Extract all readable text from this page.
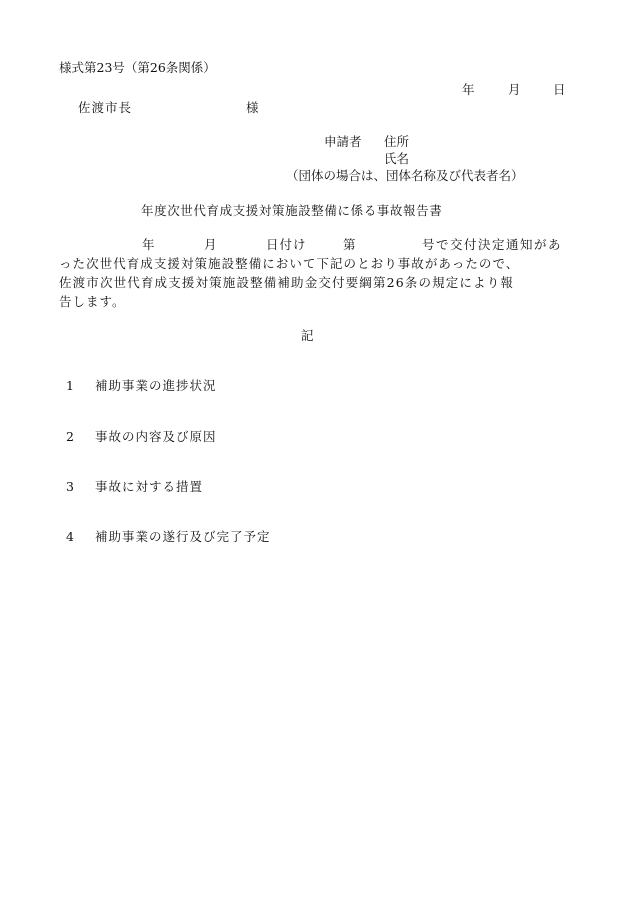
様式第23号（第26条関係）
年	月	日
佐渡市長	様
申請者 住所
氏名
（団体の場合は、団体名称及び代表者名）
年度次世代育成支援対策施設整備に係る事故報告書
年	月	日付け	第	号で交付決定通知があ
った次世代育成支援対策施設整備において下記のとおり事故があったので、
佐渡市次世代育成支援対策施設整備補助金交付要綱第26条の規定により報
告します。
記
1 補助事業の進捗状況
2 事故の内容及び原因
3 事故に対する措置
4 補助事業の遂行及び完了予定
